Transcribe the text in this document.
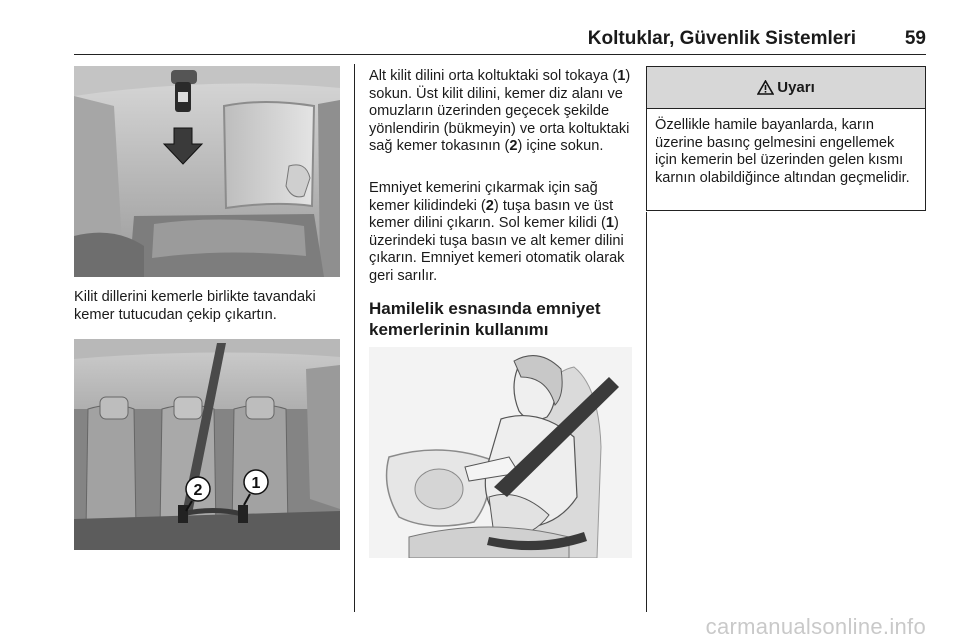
Koltuklar, Güvenlik Sistemleri	59
Kilit dillerini kemerle birlikte tavandaki kemer tutucudan çekip çıkartın.
2	1
Alt kilit dilini orta koltuktaki sol tokaya (1) sokun. Üst kilit dilini, kemer diz alanı ve omuzların üzerinden geçecek şekilde yönlendirin (bükmeyin) ve orta koltuktaki sağ kemer tokasının (2) içine sokun.
Emniyet kemerini çıkarmak için sağ kemer kilidindeki (2) tuşa basın ve üst kemer dilini çıkarın. Sol kemer kilidi (1) üzerindeki tuşa basın ve alt kemer dilini çıkarın. Emniyet kemeri otomatik olarak geri sarılır.
Hamilelik esnasında emniyet kemerlerinin kullanımı
Uyarı
Özellikle hamile bayanlarda, karın üzerine basınç gelmesini engellemek için kemerin bel üzerinden gelen kısmı karnın olabildiğince altından geçmelidir.
carmanualsonline.info
